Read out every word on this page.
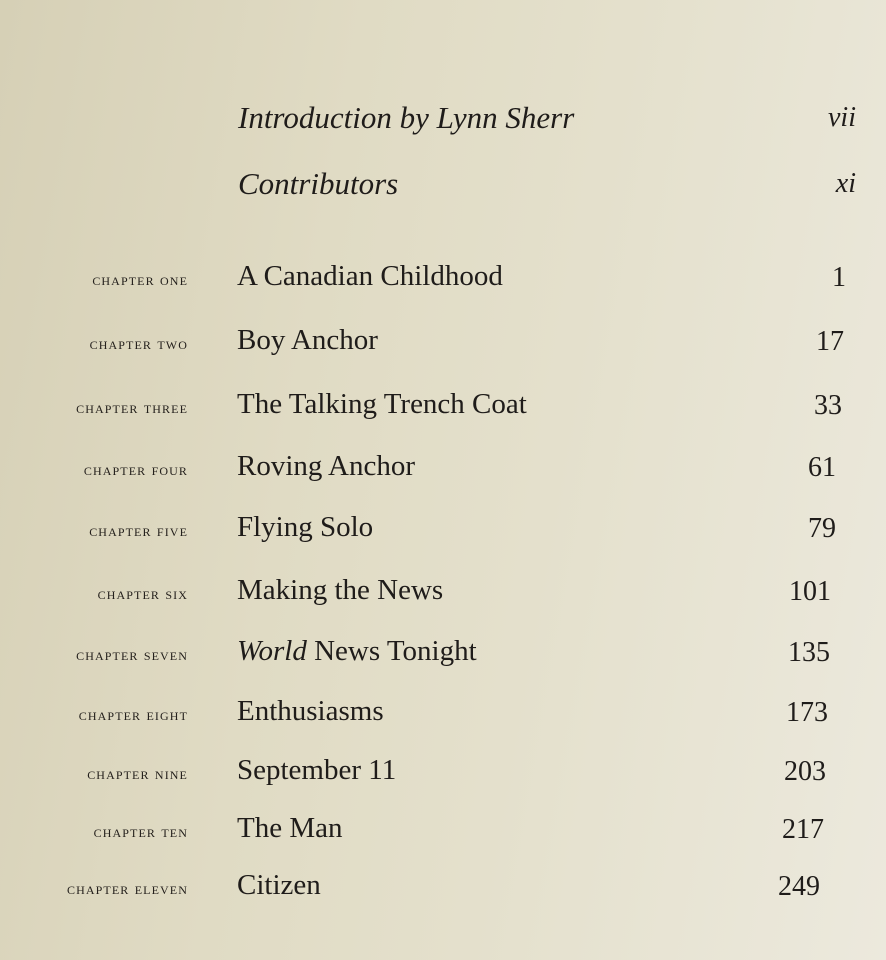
Introduction by Lynn Sherr	vii
Contributors	xi
chapter one A Canadian Childhood	1
chapter two Boy Anchor	17
chapter three The Talking Trench Coat	33
chapter four Roving Anchor	61
chapter five Flying Solo	79
chapter six Making the News	101
chapter seven World News Tonight	135
chapter eight Enthusiasms	173
chapter nine September 11	203
chapter ten The Man	217
chapter eleven Citizen	249
